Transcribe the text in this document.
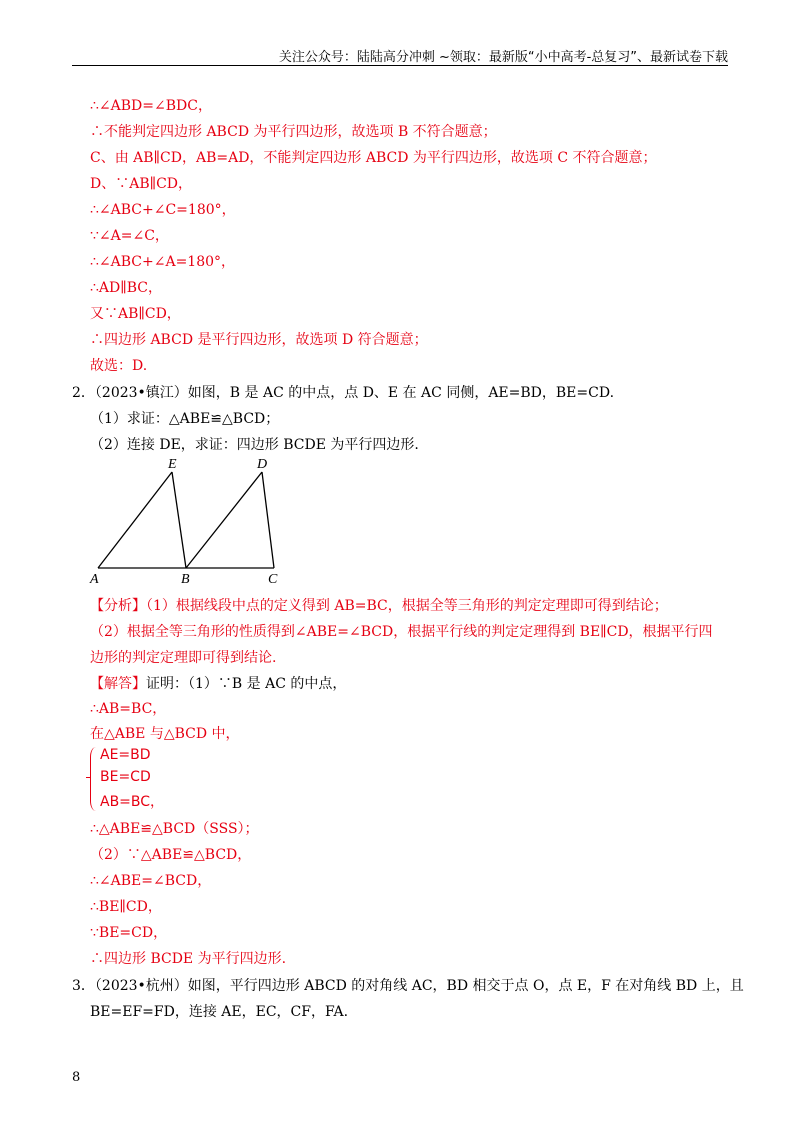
关注公众号：陆陆高分冲刺 ~领取：最新版“小中高考-总复习”、最新试卷下载
∴∠ABD=∠BDC，
∴不能判定四边形 ABCD 为平行四边形，故选项 B 不符合题意；
C、由 AB∥CD，AB=AD，不能判定四边形 ABCD 为平行四边形，故选项 C 不符合题意；
D、∵AB∥CD，
∴∠ABC+∠C=180°，
∵∠A=∠C，
∴∠ABC+∠A=180°，
∴AD∥BC，
又∵AB∥CD，
∴四边形 ABCD 是平行四边形，故选项 D 符合题意；
故选：D.
2．（2023•镇江）如图，B 是 AC 的中点，点 D、E 在 AC 同侧，AE=BD，BE=CD.
（1）求证：△ABE≌△BCD；
（2）连接 DE，求证：四边形 BCDE 为平行四边形.
A	B	C
D
E
【分析】（1）根据线段中点的定义得到 AB=BC，根据全等三角形的判定定理即可得到结论；
（2）根据全等三角形的性质得到∠ABE=∠BCD，根据平行线的判定定理得到 BE∥CD，根据平行四
边形的判定定理即可得到结论.
【解答】证明：（1）∵B 是 AC 的中点，
∴AB=BC，
在△ABE 与△BCD 中，
AE=BD
BE=CD
AB=BC，
∴△ABE≌△BCD（SSS）；
（2）∵△ABE≌△BCD，
∴∠ABE=∠BCD，
∴BE∥CD，
∵BE=CD，
∴四边形 BCDE 为平行四边形.
3．（2023•杭州）如图，平行四边形 ABCD 的对角线 AC，BD 相交于点 O，点 E，F 在对角线 BD 上，且
BE=EF=FD，连接 AE，EC，CF，FA.
8
